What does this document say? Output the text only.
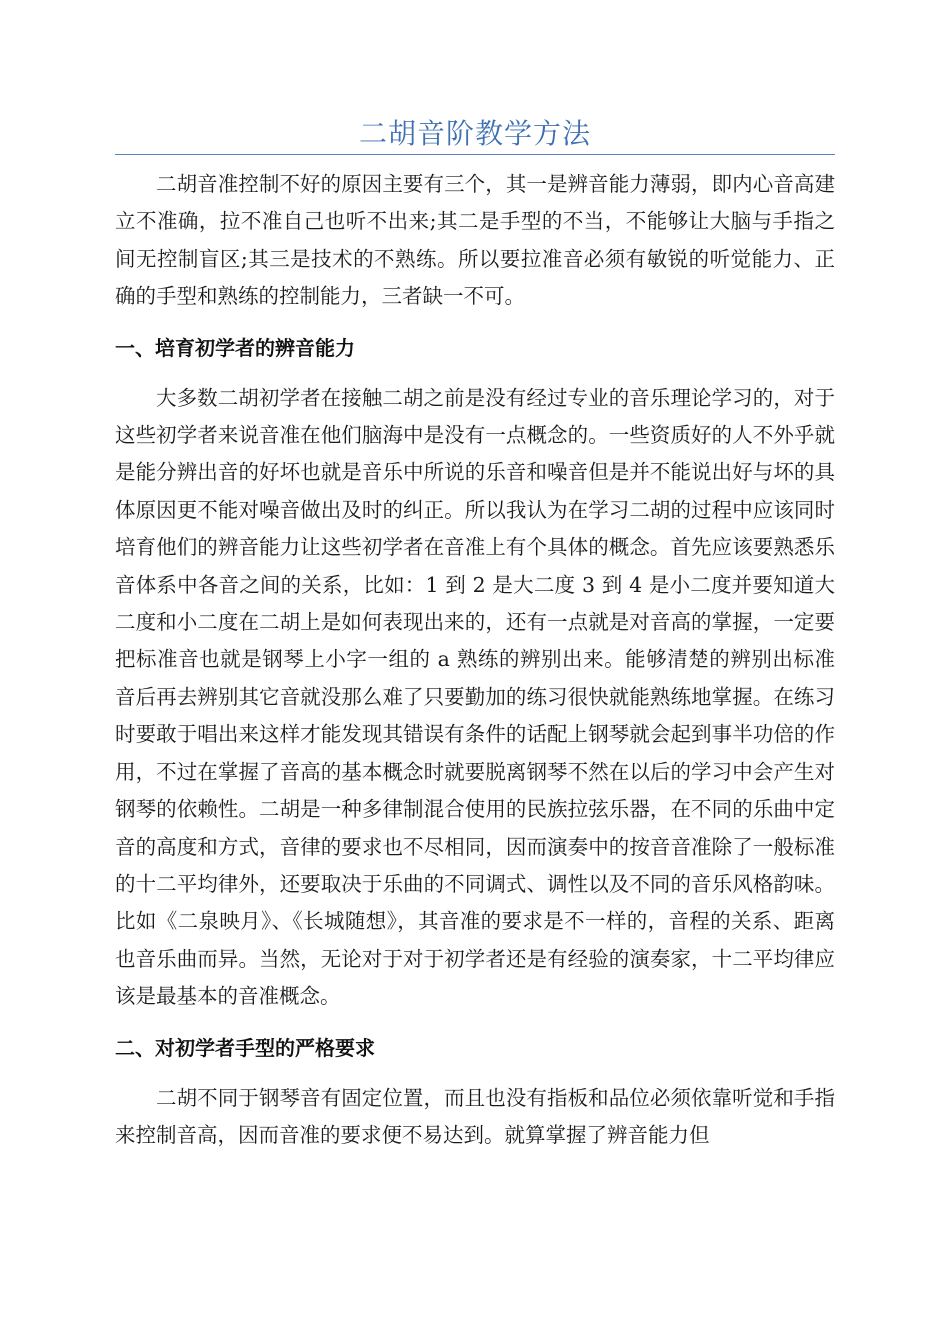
二胡音阶教学方法

二胡音准控制不好的原因主要有三个，其一是辨音能力薄弱，即内心音高建立不准确，拉不准自己也听不出来;其二是手型的不当，不能够让大脑与手指之间无控制盲区;其三是技术的不熟练。所以要拉准音必须有敏锐的听觉能力、正确的手型和熟练的控制能力，三者缺一不可。

一、培育初学者的辨音能力

大多数二胡初学者在接触二胡之前是没有经过专业的音乐理论学习的，对于这些初学者来说音准在他们脑海中是没有一点概念的。一些资质好的人不外乎就是能分辨出音的好坏也就是音乐中所说的乐音和噪音但是并不能说出好与坏的具体原因更不能对噪音做出及时的纠正。所以我认为在学习二胡的过程中应该同时培育他们的辨音能力让这些初学者在音准上有个具体的概念。首先应该要熟悉乐音体系中各音之间的关系，比如：1 到 2 是大二度 3 到 4 是小二度并要知道大二度和小二度在二胡上是如何表现出来的，还有一点就是对音高的掌握，一定要把标准音也就是钢琴上小字一组的 a 熟练的辨别出来。能够清楚的辨别出标准音后再去辨别其它音就没那么难了只要勤加的练习很快就能熟练地掌握。在练习时要敢于唱出来这样才能发现其错误有条件的话配上钢琴就会起到事半功倍的作用，不过在掌握了音高的基本概念时就要脱离钢琴不然在以后的学习中会产生对钢琴的依赖性。二胡是一种多律制混合使用的民族拉弦乐器，在不同的乐曲中定音的高度和方式，音律的要求也不尽相同，因而演奏中的按音音准除了一般标准的十二平均律外，还要取决于乐曲的不同调式、调性以及不同的音乐风格韵味。比如《二泉映月》、《长城随想》，其音准的要求是不一样的，音程的关系、距离也音乐曲而异。当然，无论对于对于初学者还是有经验的演奏家，十二平均律应该是最基本的音准概念。

二、对初学者手型的严格要求

二胡不同于钢琴音有固定位置，而且也没有指板和品位必须依靠听觉和手指来控制音高，因而音准的要求便不易达到。就算掌握了辨音能力但
